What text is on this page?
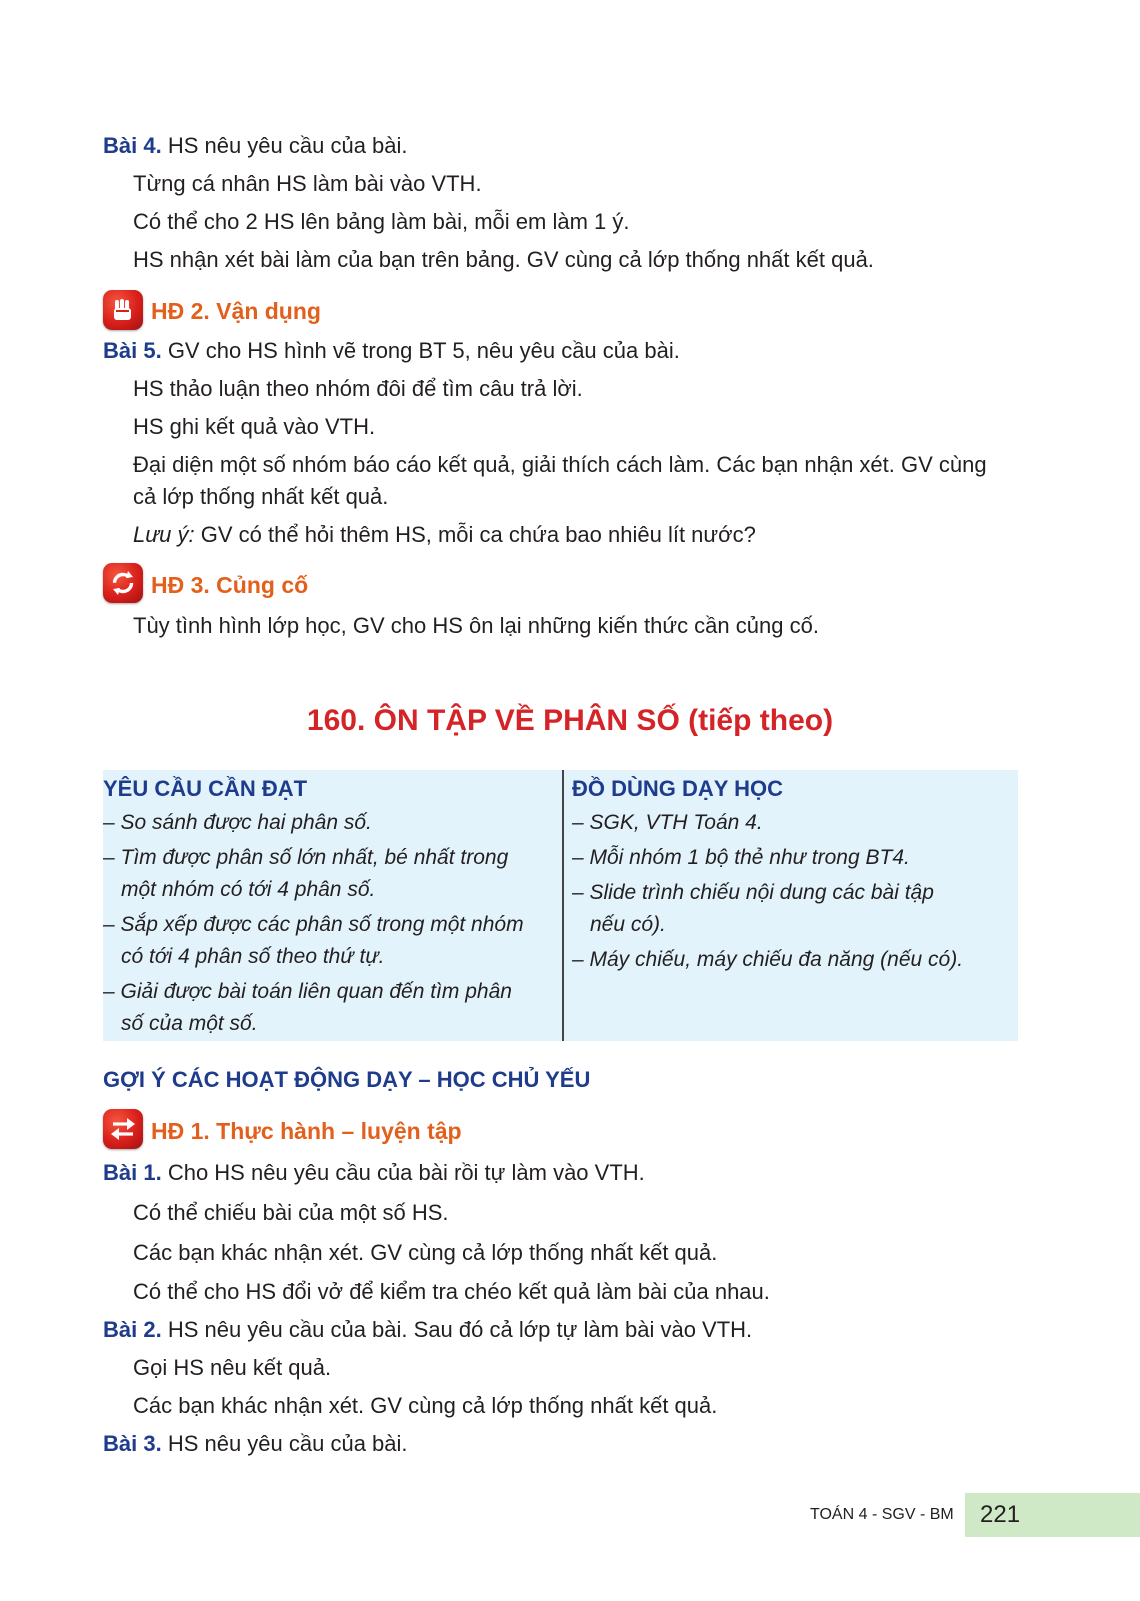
Bài 4. HS nêu yêu cầu của bài.
Từng cá nhân HS làm bài vào VTH.
Có thể cho 2 HS lên bảng làm bài, mỗi em làm 1 ý.
HS nhận xét bài làm của bạn trên bảng. GV cùng cả lớp thống nhất kết quả.
HĐ 2. Vận dụng
Bài 5. GV cho HS hình vẽ trong BT 5, nêu yêu cầu của bài.
HS thảo luận theo nhóm đôi để tìm câu trả lời.
HS ghi kết quả vào VTH.
Đại diện một số nhóm báo cáo kết quả, giải thích cách làm. Các bạn nhận xét. GV cùng
cả lớp thống nhất kết quả.
Lưu ý: GV có thể hỏi thêm HS, mỗi ca chứa bao nhiêu lít nước?
HĐ 3. Củng cố
Tùy tình hình lớp học, GV cho HS ôn lại những kiến thức cần củng cố.
160. ÔN TẬP VỀ PHÂN SỐ (tiếp theo)
YÊU CẦU CẦN ĐẠT
– So sánh được hai phân số.
– Tìm được phân số lớn nhất, bé nhất trong
một nhóm có tới 4 phân số.
– Sắp xếp được các phân số trong một nhóm
có tới 4 phân số theo thứ tự.
– Giải được bài toán liên quan đến tìm phân
số của một số.
ĐỒ DÙNG DẠY HỌC
– SGK, VTH Toán 4.
– Mỗi nhóm 1 bộ thẻ như trong BT4.
– Slide trình chiếu nội dung các bài tập
nếu có).
– Máy chiếu, máy chiếu đa năng (nếu có).
GỢI Ý CÁC HOẠT ĐỘNG DẠY – HỌC CHỦ YẾU
HĐ 1. Thực hành – luyện tập
Bài 1. Cho HS nêu yêu cầu của bài rồi tự làm vào VTH.
Có thể chiếu bài của một số HS.
Các bạn khác nhận xét. GV cùng cả lớp thống nhất kết quả.
Có thể cho HS đổi vở để kiểm tra chéo kết quả làm bài của nhau.
Bài 2. HS nêu yêu cầu của bài. Sau đó cả lớp tự làm bài vào VTH.
Gọi HS nêu kết quả.
Các bạn khác nhận xét. GV cùng cả lớp thống nhất kết quả.
Bài 3. HS nêu yêu cầu của bài.
TOÁN 4 - SGV - BM	221
